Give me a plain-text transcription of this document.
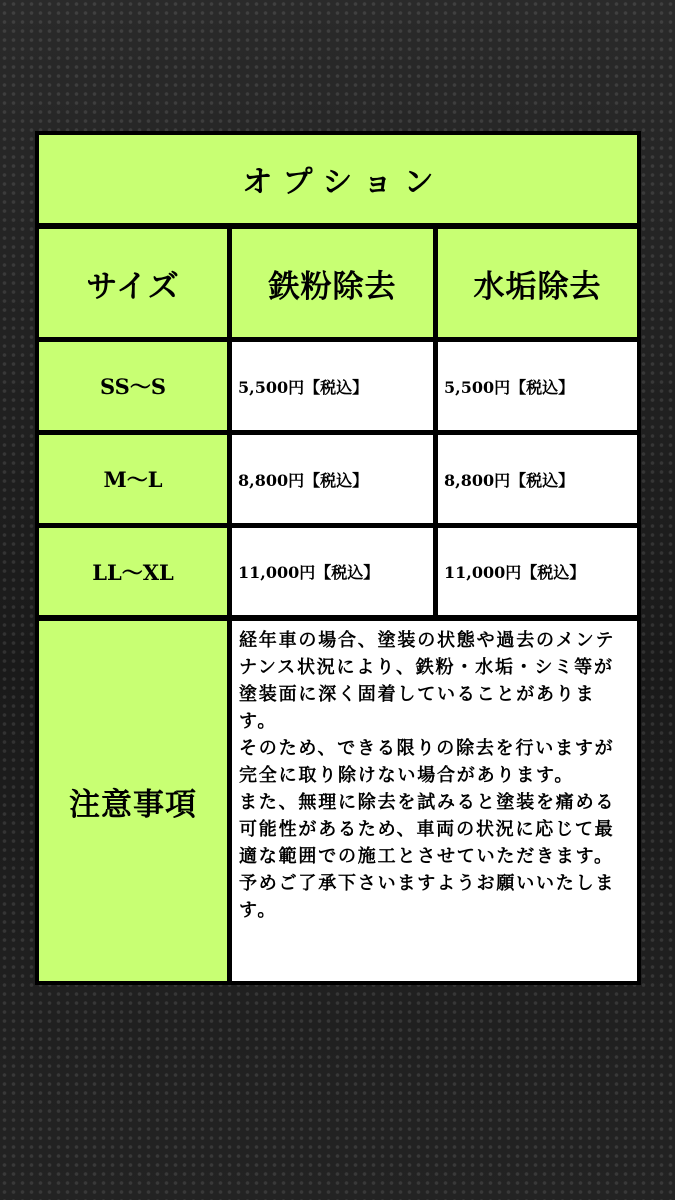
オプション
サイズ	鉄粉除去 水垢除去
SS〜S	5,500円【税込】	5,500円【税込】
M〜L	8,800円【税込】	8,800円【税込】
LL〜XL	11,000円【税込】	11,000円【税込】
注意事項
経年車の場合、塗装の状態や過去のメンテナンス状況により、鉄粉・水垢・シミ等が塗装面に深く固着していることがあります。
そのため、できる限りの除去を行いますが完全に取り除けない場合があります。
また、無理に除去を試みると塗装を痛める可能性があるため、車両の状況に応じて最適な範囲での施工とさせていただきます。
予めご了承下さいますようお願いいたします。
